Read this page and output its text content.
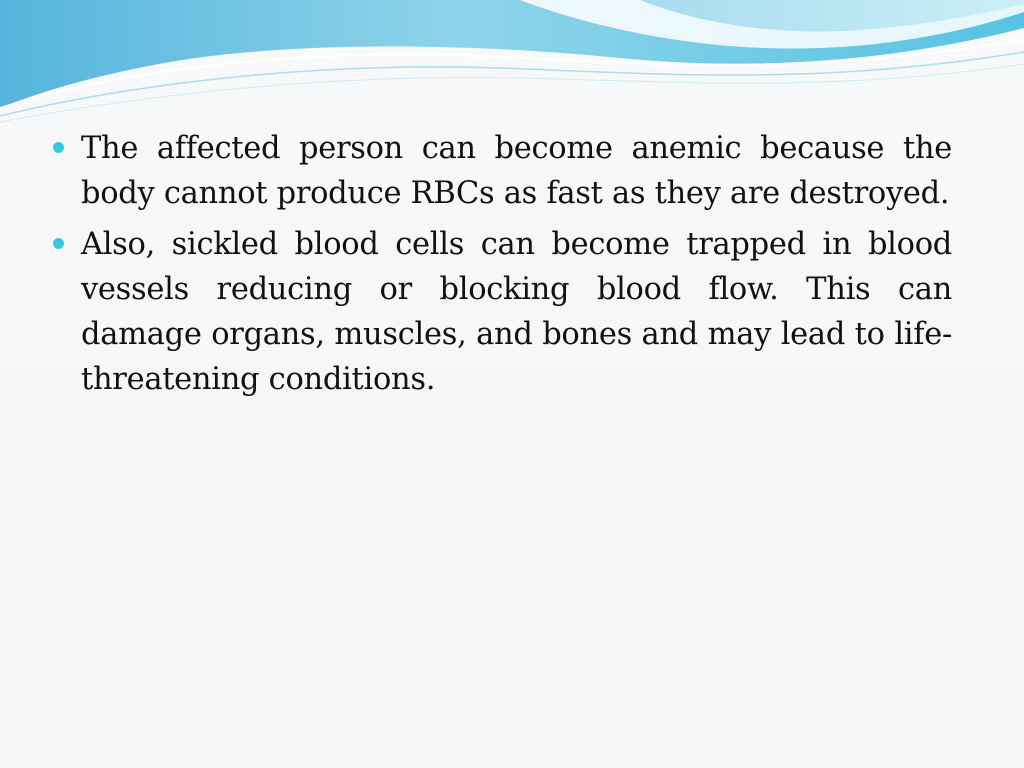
The affected person can become anemic because the body cannot produce RBCs as fast as they are destroyed.
Also, sickled blood cells can become trapped in blood vessels reducing or blocking blood flow. This can damage organs, muscles, and bones and may lead to life-threatening conditions.
